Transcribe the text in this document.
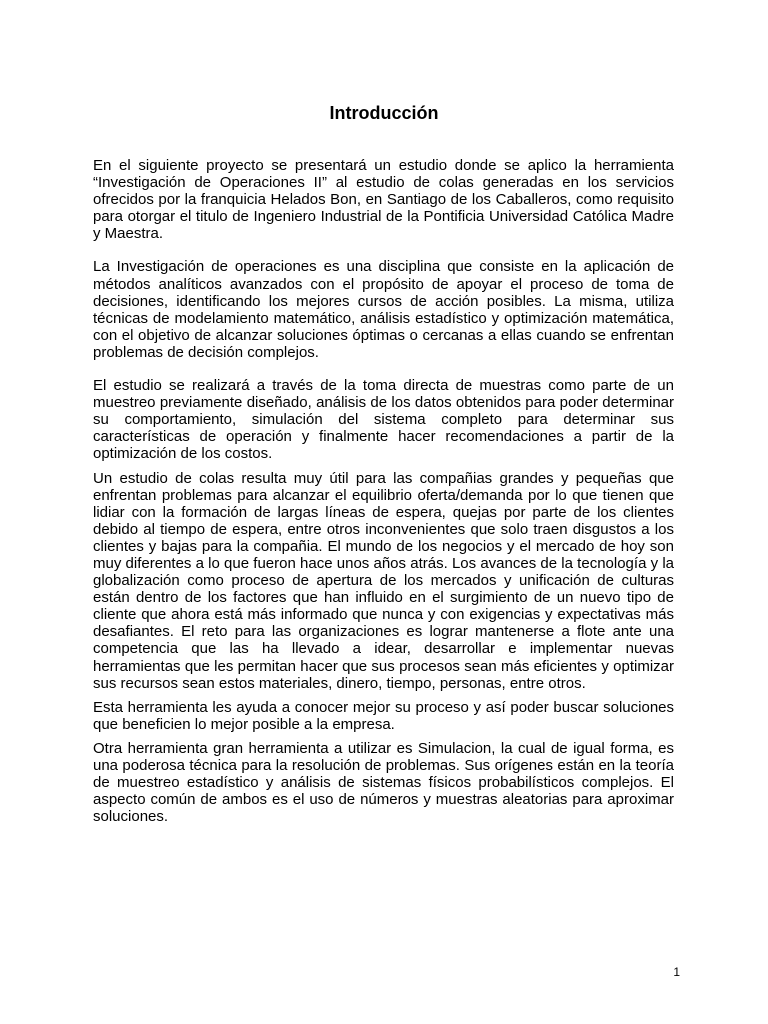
Introducción

En el siguiente proyecto se presentará un estudio donde se aplico la herramienta “Investigación de Operaciones II” al estudio de colas generadas en los servicios ofrecidos por la franquicia Helados Bon, en Santiago de los Caballeros, como requisito para otorgar el titulo de Ingeniero Industrial de la Pontificia Universidad Católica Madre y Maestra.

La Investigación de operaciones es una disciplina que consiste en la aplicación de métodos analíticos avanzados con el propósito de apoyar el proceso de toma de decisiones, identificando los mejores cursos de acción posibles. La misma, utiliza técnicas de modelamiento matemático, análisis estadístico y optimización matemática, con el objetivo de alcanzar soluciones óptimas o cercanas a ellas cuando se enfrentan problemas de decisión complejos.

El estudio se realizará a través de la toma directa de muestras como parte de un muestreo previamente diseñado, análisis de los datos obtenidos para poder determinar su comportamiento, simulación del sistema completo para determinar sus características de operación y finalmente hacer recomendaciones a partir de la optimización de los costos.

Un estudio de colas resulta muy útil para las compañias grandes y pequeñas que enfrentan problemas para alcanzar el equilibrio oferta/demanda por lo que tienen que lidiar con la formación de largas líneas de espera, quejas por parte de los clientes debido al tiempo de espera, entre otros inconvenientes que solo traen disgustos a los clientes y bajas para la compañia. El mundo de los negocios y el mercado de hoy son muy diferentes a lo que fueron hace unos años atrás. Los avances de la tecnología y la globalización como proceso de apertura de los mercados y unificación de culturas están dentro de los factores que han influido en el surgimiento de un nuevo tipo de cliente que ahora está más informado que nunca y con exigencias y expectativas más desafiantes. El reto para las organizaciones es lograr mantenerse a flote ante una competencia que las ha llevado a idear, desarrollar e implementar nuevas herramientas que les permitan hacer que sus procesos sean más eficientes y optimizar sus recursos sean estos materiales, dinero, tiempo, personas, entre otros.

Esta herramienta les ayuda a conocer mejor su proceso y así poder buscar soluciones que beneficien lo mejor posible a la empresa.

Otra herramienta gran herramienta a utilizar es Simulacion, la cual de igual forma, es una poderosa técnica para la resolución de problemas. Sus orígenes están en la teoría de muestreo estadístico y análisis de sistemas físicos probabilísticos complejos. El aspecto común de ambos es el uso de números y muestras aleatorias para aproximar soluciones.

1
